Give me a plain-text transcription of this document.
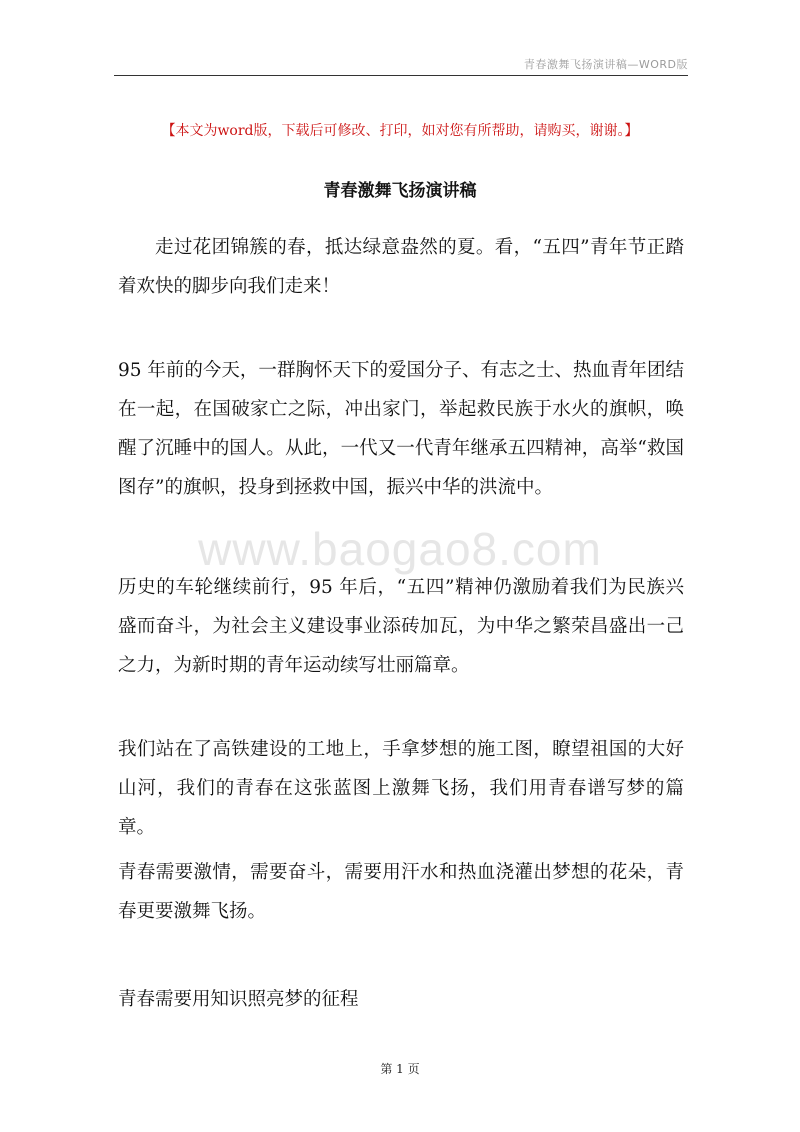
青春激舞飞扬演讲稿—WORD版
【本文为word版，下载后可修改、打印，如对您有所帮助，请购买，谢谢。】
青春激舞飞扬演讲稿
走过花团锦簇的春，抵达绿意盎然的夏。看，“五四”青年节正踏着欢快的脚步向我们走来！
95 年前的今天，一群胸怀天下的爱国分子、有志之士、热血青年团结在一起，在国破家亡之际，冲出家门，举起救民族于水火的旗帜，唤醒了沉睡中的国人。从此，一代又一代青年继承五四精神，高举“救国图存”的旗帜，投身到拯救中国，振兴中华的洪流中。
www.baogao8.com
历史的车轮继续前行，95 年后，“五四”精神仍激励着我们为民族兴盛而奋斗，为社会主义建设事业添砖加瓦，为中华之繁荣昌盛出一己之力，为新时期的青年运动续写壮丽篇章。
我们站在了高铁建设的工地上，手拿梦想的施工图，瞭望祖国的大好山河，我们的青春在这张蓝图上激舞飞扬，我们用青春谱写梦的篇章。
青春需要激情，需要奋斗，需要用汗水和热血浇灌出梦想的花朵，青春更要激舞飞扬。
青春需要用知识照亮梦的征程
第 1 页
